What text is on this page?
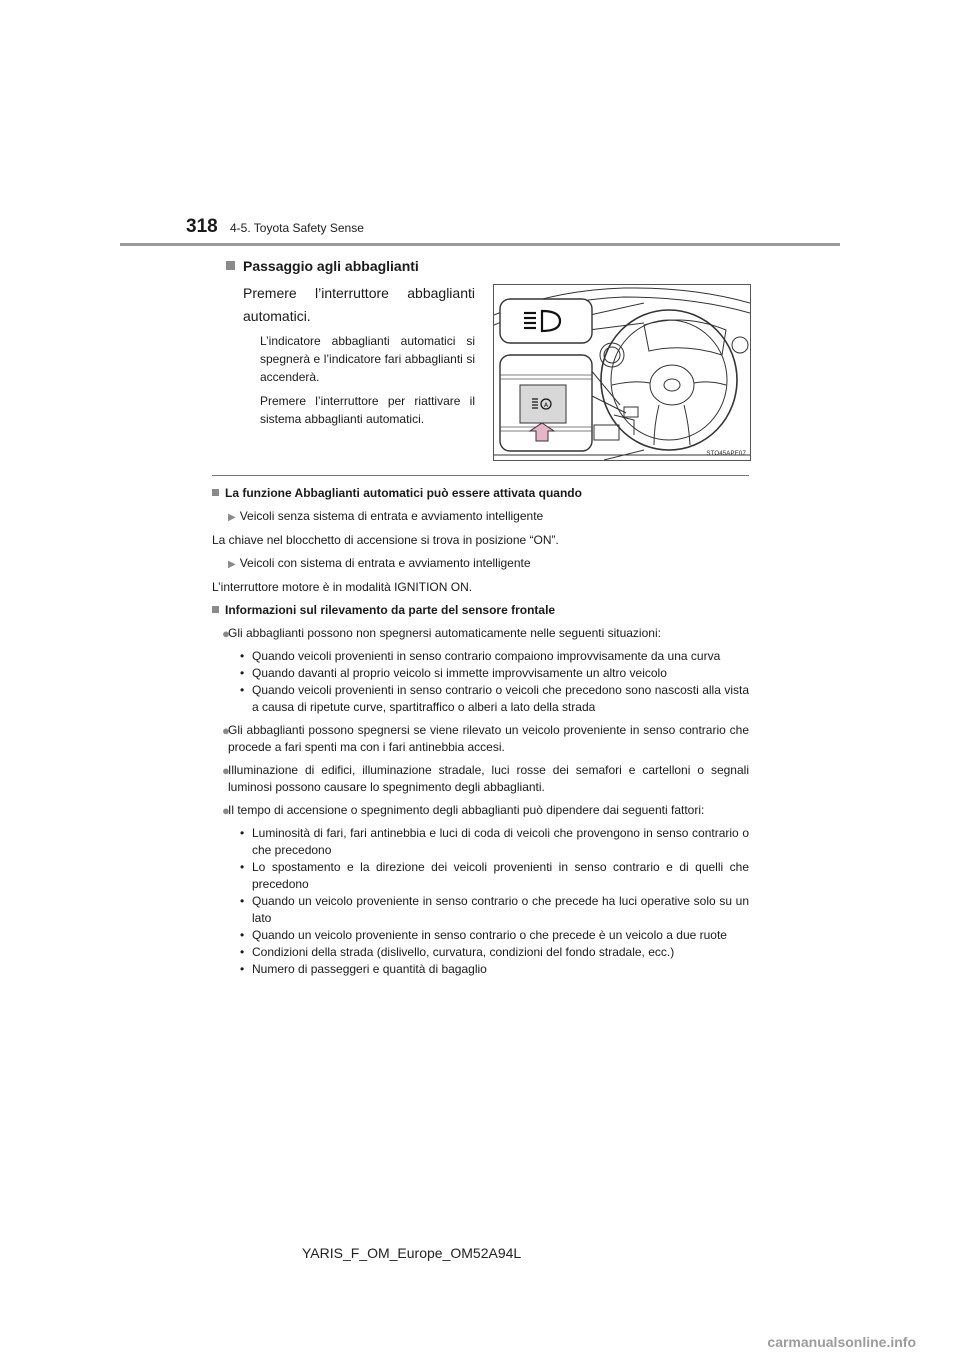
318 4-5. Toyota Safety Sense
Passaggio agli abbaglianti
Premere l’interruttore abbaglianti automatici.
L’indicatore abbaglianti automatici si spegnerà e l’indicatore fari abbaglianti si accenderà.
Premere l’interruttore per riattivare il sistema abbaglianti automatici.
A
STO45APE07
La funzione Abbaglianti automatici può essere attivata quando
▶ Veicoli senza sistema di entrata e avviamento intelligente
La chiave nel blocchetto di accensione si trova in posizione “ON”.
▶ Veicoli con sistema di entrata e avviamento intelligente
L’interruttore motore è in modalità IGNITION ON.
Informazioni sul rilevamento da parte del sensore frontale
●
Gli abbaglianti possono non spegnersi automaticamente nelle seguenti situazioni:
• Quando veicoli provenienti in senso contrario compaiono improvvisamente da una curva
• Quando davanti al proprio veicolo si immette improvvisamente un altro veicolo
• Quando veicoli provenienti in senso contrario o veicoli che precedono sono nascosti alla vista a causa di ripetute curve, spartitraffico o alberi a lato della strada
●
Gli abbaglianti possono spegnersi se viene rilevato un veicolo proveniente in senso contrario che procede a fari spenti ma con i fari antinebbia accesi.
●
Illuminazione di edifici, illuminazione stradale, luci rosse dei semafori e cartelloni o segnali luminosi possono causare lo spegnimento degli abbaglianti.
●
Il tempo di accensione o spegnimento degli abbaglianti può dipendere dai seguenti fattori:
• Luminosità di fari, fari antinebbia e luci di coda di veicoli che provengono in senso contrario o che precedono
• Lo spostamento e la direzione dei veicoli provenienti in senso contrario e di quelli che precedono
• Quando un veicolo proveniente in senso contrario o che precede ha luci operative solo su un lato
• Quando un veicolo proveniente in senso contrario o che precede è un veicolo a due ruote
• Condizioni della strada (dislivello, curvatura, condizioni del fondo stradale, ecc.)
• Numero di passeggeri e quantità di bagaglio
YARIS_F_OM_Europe_OM52A94L
carmanualsonline.info
